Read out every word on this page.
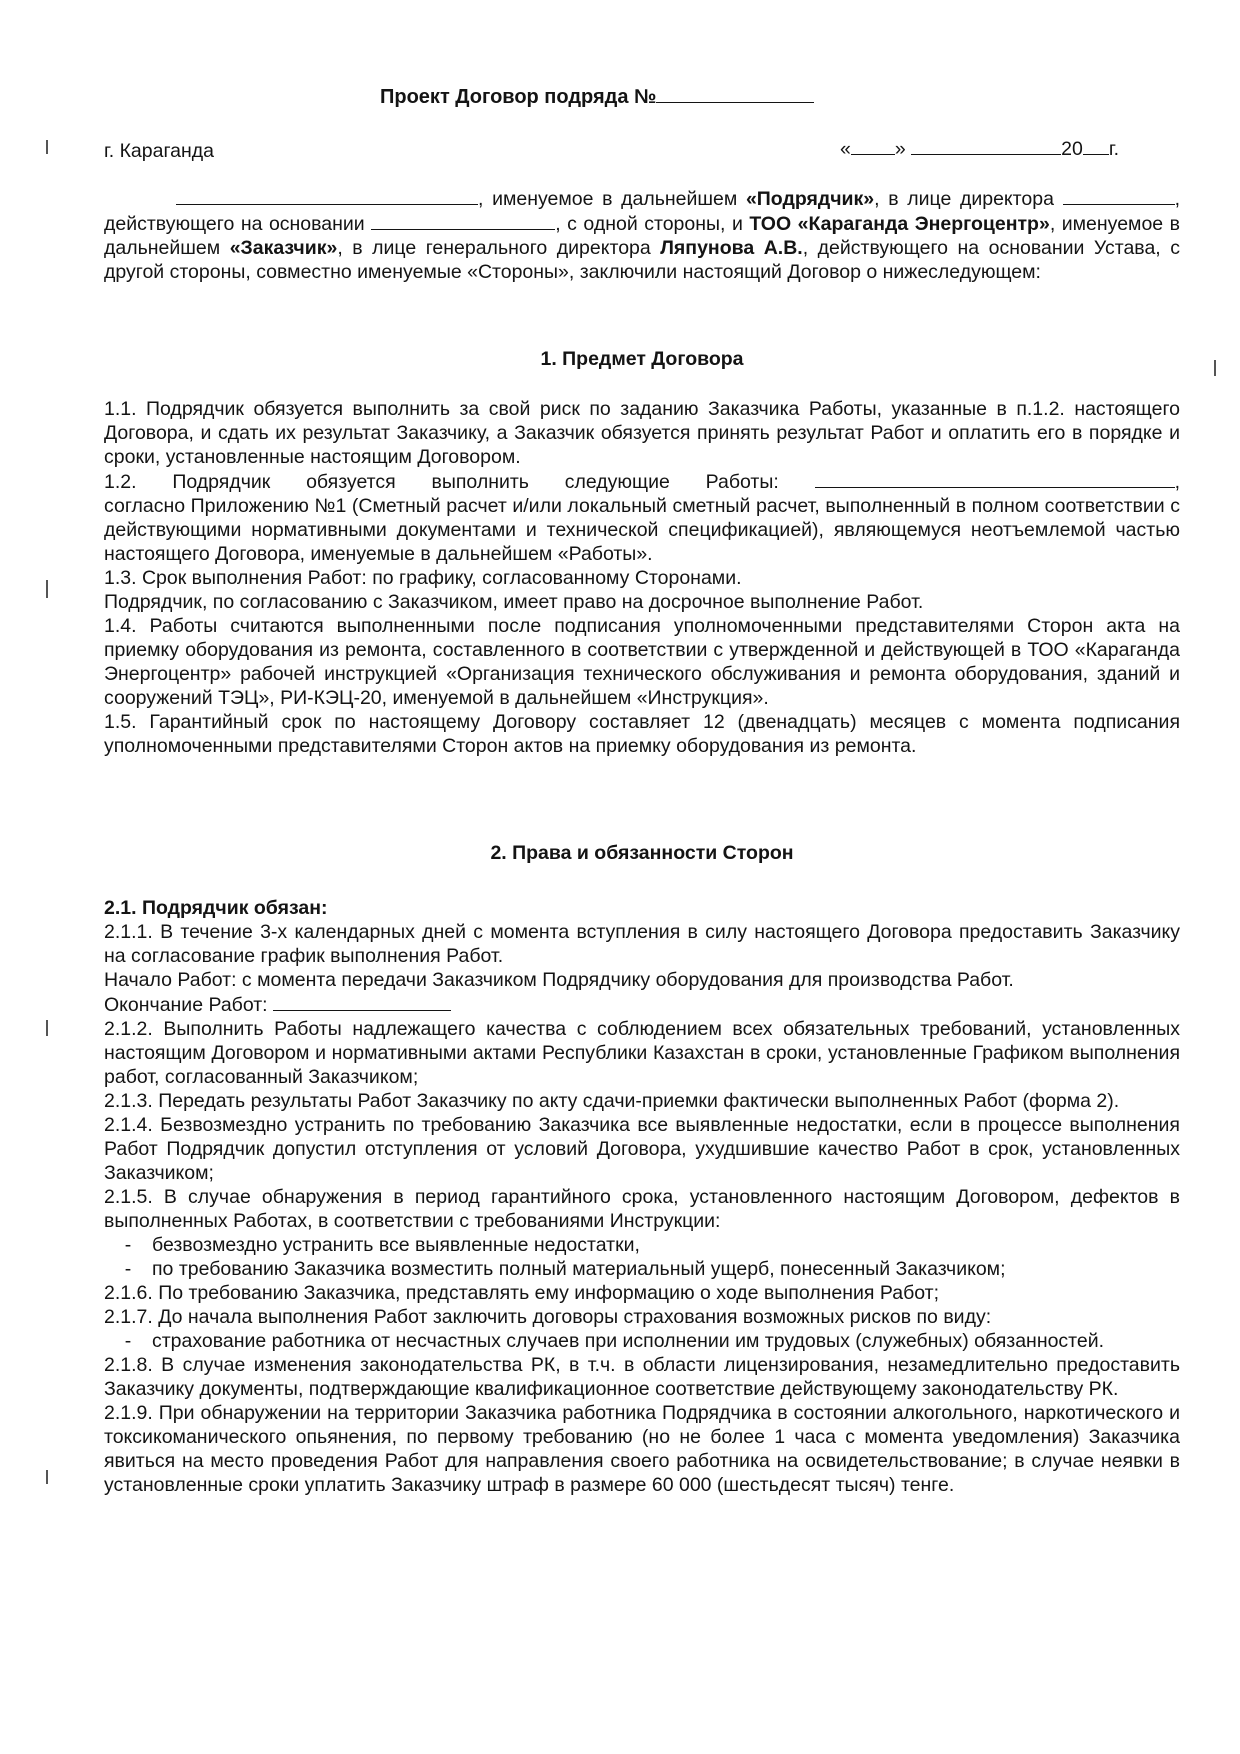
Проект Договор подряда №
г. Караганда	« »	20 г.

, именуемое в дальнейшем «Подрядчик», в лице директора	, действующего на основании	, с одной стороны, и ТОО «Караганда Энергоцентр», именуемое в дальнейшем «Заказчик», в лице генерального директора Ляпунова А.В., действующего на основании Устава, с другой стороны, совместно именуемые «Стороны», заключили настоящий Договор о нижеследующем:

1. Предмет Договора

1.1. Подрядчик обязуется выполнить за свой риск по заданию Заказчика Работы, указанные в п.1.2. настоящего Договора, и сдать их результат Заказчику, а Заказчик обязуется принять результат Работ и оплатить его в порядке и сроки, установленные настоящим Договором.

1.2. Подрядчик обязуется выполнить следующие Работы:	,

согласно Приложению №1 (Сметный расчет и/или локальный сметный расчет, выполненный в полном соответствии с действующими нормативными документами и технической спецификацией), являющемуся неотъемлемой частью настоящего Договора, именуемые в дальнейшем «Работы».

1.3. Срок выполнения Работ: по графику, согласованному Сторонами.

Подрядчик, по согласованию с Заказчиком, имеет право на досрочное выполнение Работ.

1.4. Работы считаются выполненными после подписания уполномоченными представителями Сторон акта на приемку оборудования из ремонта, составленного в соответствии с утвержденной и действующей в ТОО «Караганда Энергоцентр» рабочей инструкцией «Организация технического обслуживания и ремонта оборудования, зданий и сооружений ТЭЦ», РИ-КЭЦ-20, именуемой в дальнейшем «Инструкция».

1.5. Гарантийный срок по настоящему Договору составляет 12 (двенадцать) месяцев с момента подписания уполномоченными представителями Сторон актов на приемку оборудования из ремонта.

2. Права и обязанности Сторон

2.1. Подрядчик обязан:

2.1.1. В течение 3-х календарных дней с момента вступления в силу настоящего Договора предоставить Заказчику на согласование график выполнения Работ.

Начало Работ: с момента передачи Заказчиком Подрядчику оборудования для производства Работ.

Окончание Работ:

2.1.2. Выполнить Работы надлежащего качества с соблюдением всех обязательных требований, установленных настоящим Договором и нормативными актами Республики Казахстан в сроки, установленные Графиком выполнения работ, согласованный Заказчиком;

2.1.3. Передать результаты Работ Заказчику по акту сдачи-приемки фактически выполненных Работ (форма 2).

2.1.4. Безвозмездно устранить по требованию Заказчика все выявленные недостатки, если в процессе выполнения Работ Подрядчик допустил отступления от условий Договора, ухудшившие качество Работ в срок, установленных Заказчиком;

2.1.5. В случае обнаружения в период гарантийного срока, установленного настоящим Договором, дефектов в выполненных Работах, в соответствии с требованиями Инструкции:

-	безвозмездно устранить все выявленные недостатки,
-	по требованию Заказчика возместить полный материальный ущерб, понесенный Заказчиком;

2.1.6. По требованию Заказчика, представлять ему информацию о ходе выполнения Работ;

2.1.7. До начала выполнения Работ заключить договоры страхования возможных рисков по виду:

-	страхование работника от несчастных случаев при исполнении им трудовых (служебных) обязанностей.

2.1.8. В случае изменения законодательства РК, в т.ч. в области лицензирования, незамедлительно предоставить Заказчику документы, подтверждающие квалификационное соответствие действующему законодательству РК.

2.1.9. При обнаружении на территории Заказчика работника Подрядчика в состоянии алкогольного, наркотического и токсикоманического опьянения, по первому требованию (но не более 1 часа с момента уведомления) Заказчика явиться на место проведения Работ для направления своего работника на освидетельствование; в случае неявки в установленные сроки уплатить Заказчику штраф в размере 60 000 (шестьдесят тысяч) тенге.
